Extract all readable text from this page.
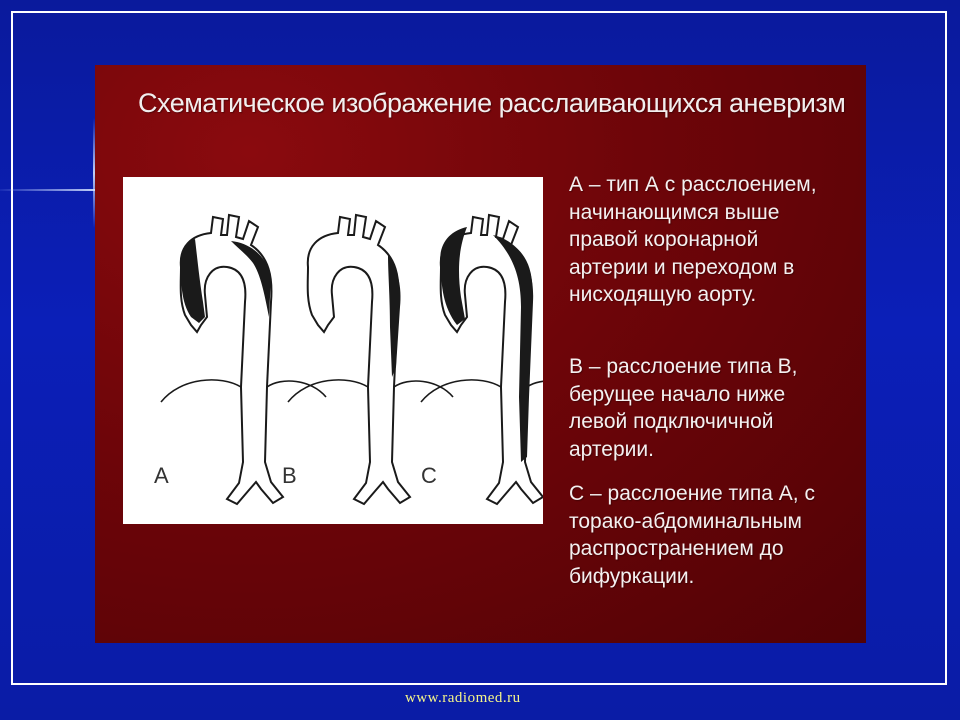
Схематическое изображение расслаивающихся аневризм
A	B	C
А – тип А с расслоением,
начинающимся выше
правой коронарной
артерии и переходом в
нисходящую аорту.
В – расслоение типа В,
берущее начало ниже
левой подключичной
артерии.
С – расслоение типа А, с
торако-абдоминальным
распространением до
бифуркации.
www.radiomed.ru
